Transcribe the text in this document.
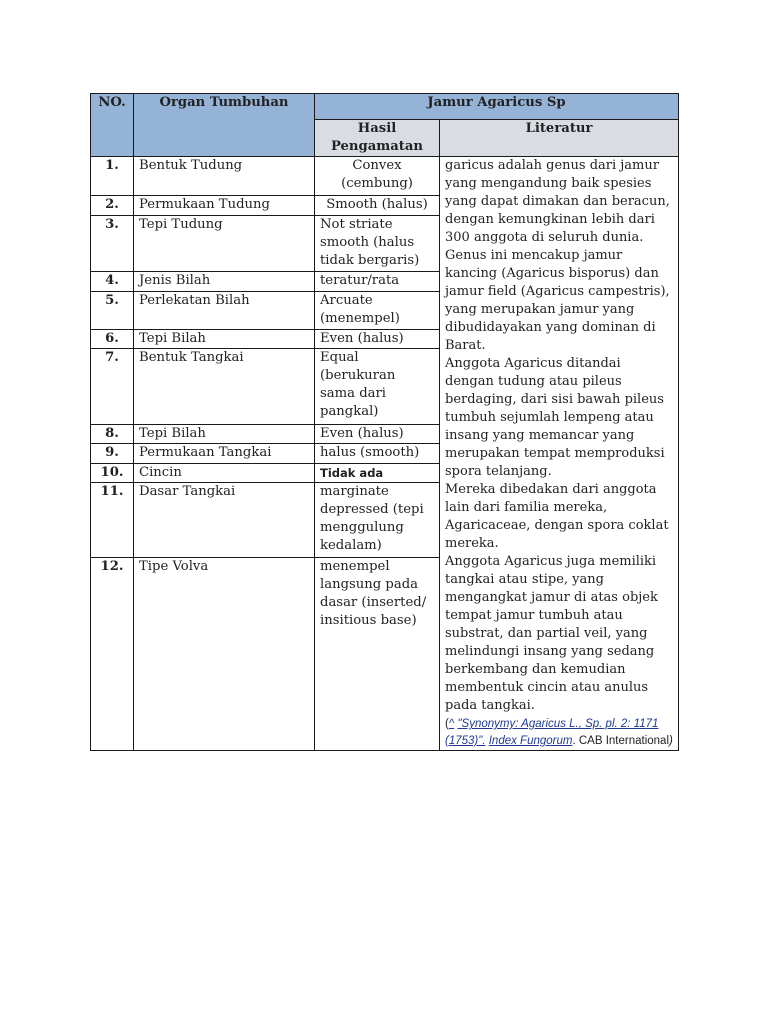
NO.	Organ Tumbuhan	Jamur Agaricus Sp	
		Hasil Pengamatan	Literatur
1.	Bentuk Tudung	Convex (cembung)	garicus adalah genus dari jamur yang mengandung baik spesies yang dapat dimakan dan beracun, dengan kemungkinan lebih dari 300 anggota di seluruh dunia. Genus ini mencakup jamur kancing (Agaricus bisporus) dan jamur field (Agaricus campestris), yang merupakan jamur yang dibudidayakan yang dominan di Barat.

Anggota Agaricus ditandai dengan tudung atau pileus berdaging, dari sisi bawah pileus tumbuh sejumlah lempeng atau insang yang memancar yang merupakan tempat memproduksi spora telanjang.

Mereka dibedakan dari anggota lain dari familia mereka, Agaricaceae, dengan spora coklat mereka.

Anggota Agaricus juga memiliki tangkai atau stipe, yang mengangkat jamur di atas objek tempat jamur tumbuh atau substrat, dan partial veil, yang melindungi insang yang sedang berkembang dan kemudian membentuk cincin atau anulus pada tangkai.

(^ "Synonymy: Agaricus L., Sp. pl. 2: 1171 (1753)". Index Fungorum. CAB International)

2.	Permukaan Tudung	Smooth (halus)	
3.	Tepi Tudung	Not striate smooth (halus tidak bergaris)	
4.	Jenis Bilah	teratur/rata	
5.	Perlekatan Bilah	Arcuate (menempel)	
6.	Tepi Bilah	Even (halus)	
7.	Bentuk Tangkai	Equal (berukuran sama dari pangkal)	
8.	Tepi Bilah	Even (halus)	
9.	Permukaan Tangkai	halus (smooth)	
10.	Cincin	Tidak ada	
11.	Dasar Tangkai	marginate depressed (tepi menggulung kedalam)	
12.	Tipe Volva	menempel langsung pada dasar (inserted/ insitious base)	
